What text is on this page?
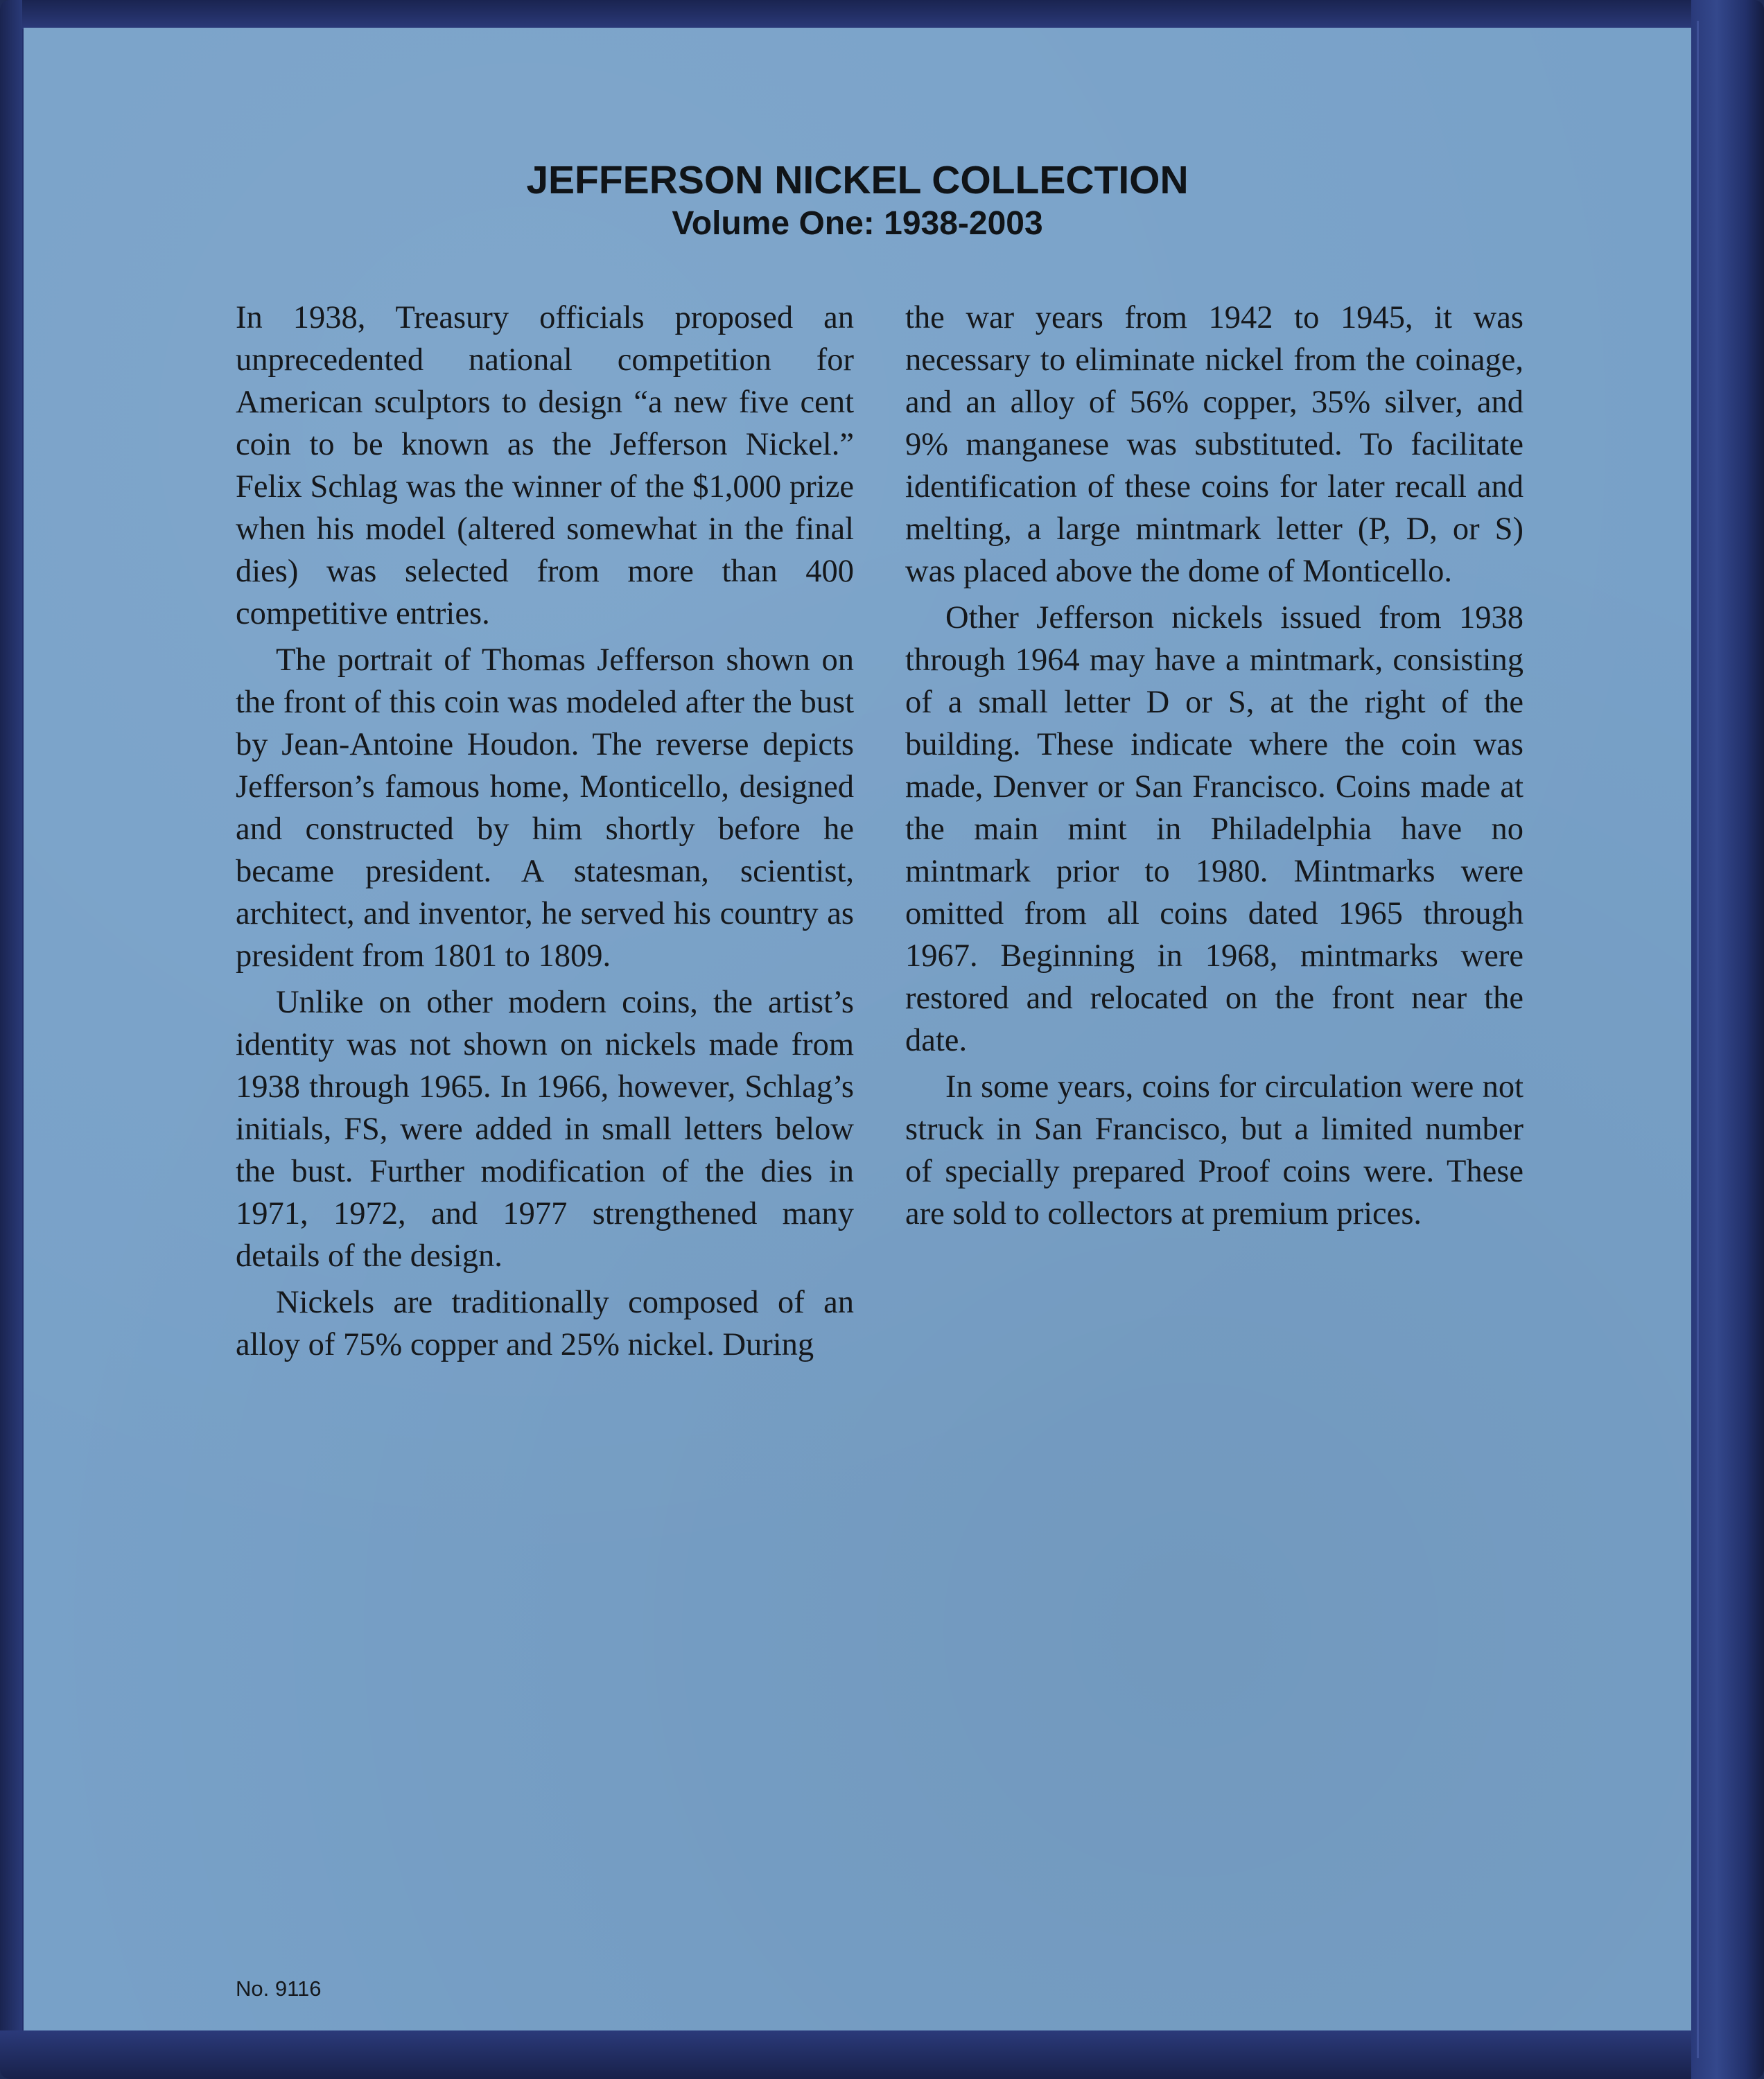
JEFFERSON NICKEL COLLECTION
Volume One: 1938-2003

In 1938, Treasury officials proposed an unprecedented national competition for American sculptors to design “a new five cent coin to be known as the Jefferson Nickel.” Felix Schlag was the winner of the $1,000 prize when his model (altered somewhat in the final dies) was selected from more than 400 competitive entries.

The portrait of Thomas Jefferson shown on the front of this coin was modeled after the bust by Jean-Antoine Houdon. The reverse depicts Jefferson’s famous home, Monticello, designed and constructed by him shortly before he became president. A statesman, scientist, architect, and inventor, he served his country as president from 1801 to 1809.

Unlike on other modern coins, the artist’s identity was not shown on nickels made from 1938 through 1965. In 1966, however, Schlag’s initials, FS, were added in small letters below the bust. Further modification of the dies in 1971, 1972, and 1977 strengthened many details of the design.

Nickels are traditionally composed of an alloy of 75% copper and 25% nickel. During

the war years from 1942 to 1945, it was necessary to eliminate nickel from the coinage, and an alloy of 56% copper, 35% silver, and 9% manganese was substituted. To facilitate identification of these coins for later recall and melting, a large mintmark letter (P, D, or S) was placed above the dome of Monticello.

Other Jefferson nickels issued from 1938 through 1964 may have a mintmark, consisting of a small letter D or S, at the right of the building. These indicate where the coin was made, Denver or San Francisco. Coins made at the main mint in Philadelphia have no mintmark prior to 1980. Mintmarks were omitted from all coins dated 1965 through 1967. Beginning in 1968, mintmarks were restored and relocated on the front near the date.

In some years, coins for circulation were not struck in San Francisco, but a limited number of specially prepared Proof coins were. These are sold to collectors at premium prices.

No. 9116
